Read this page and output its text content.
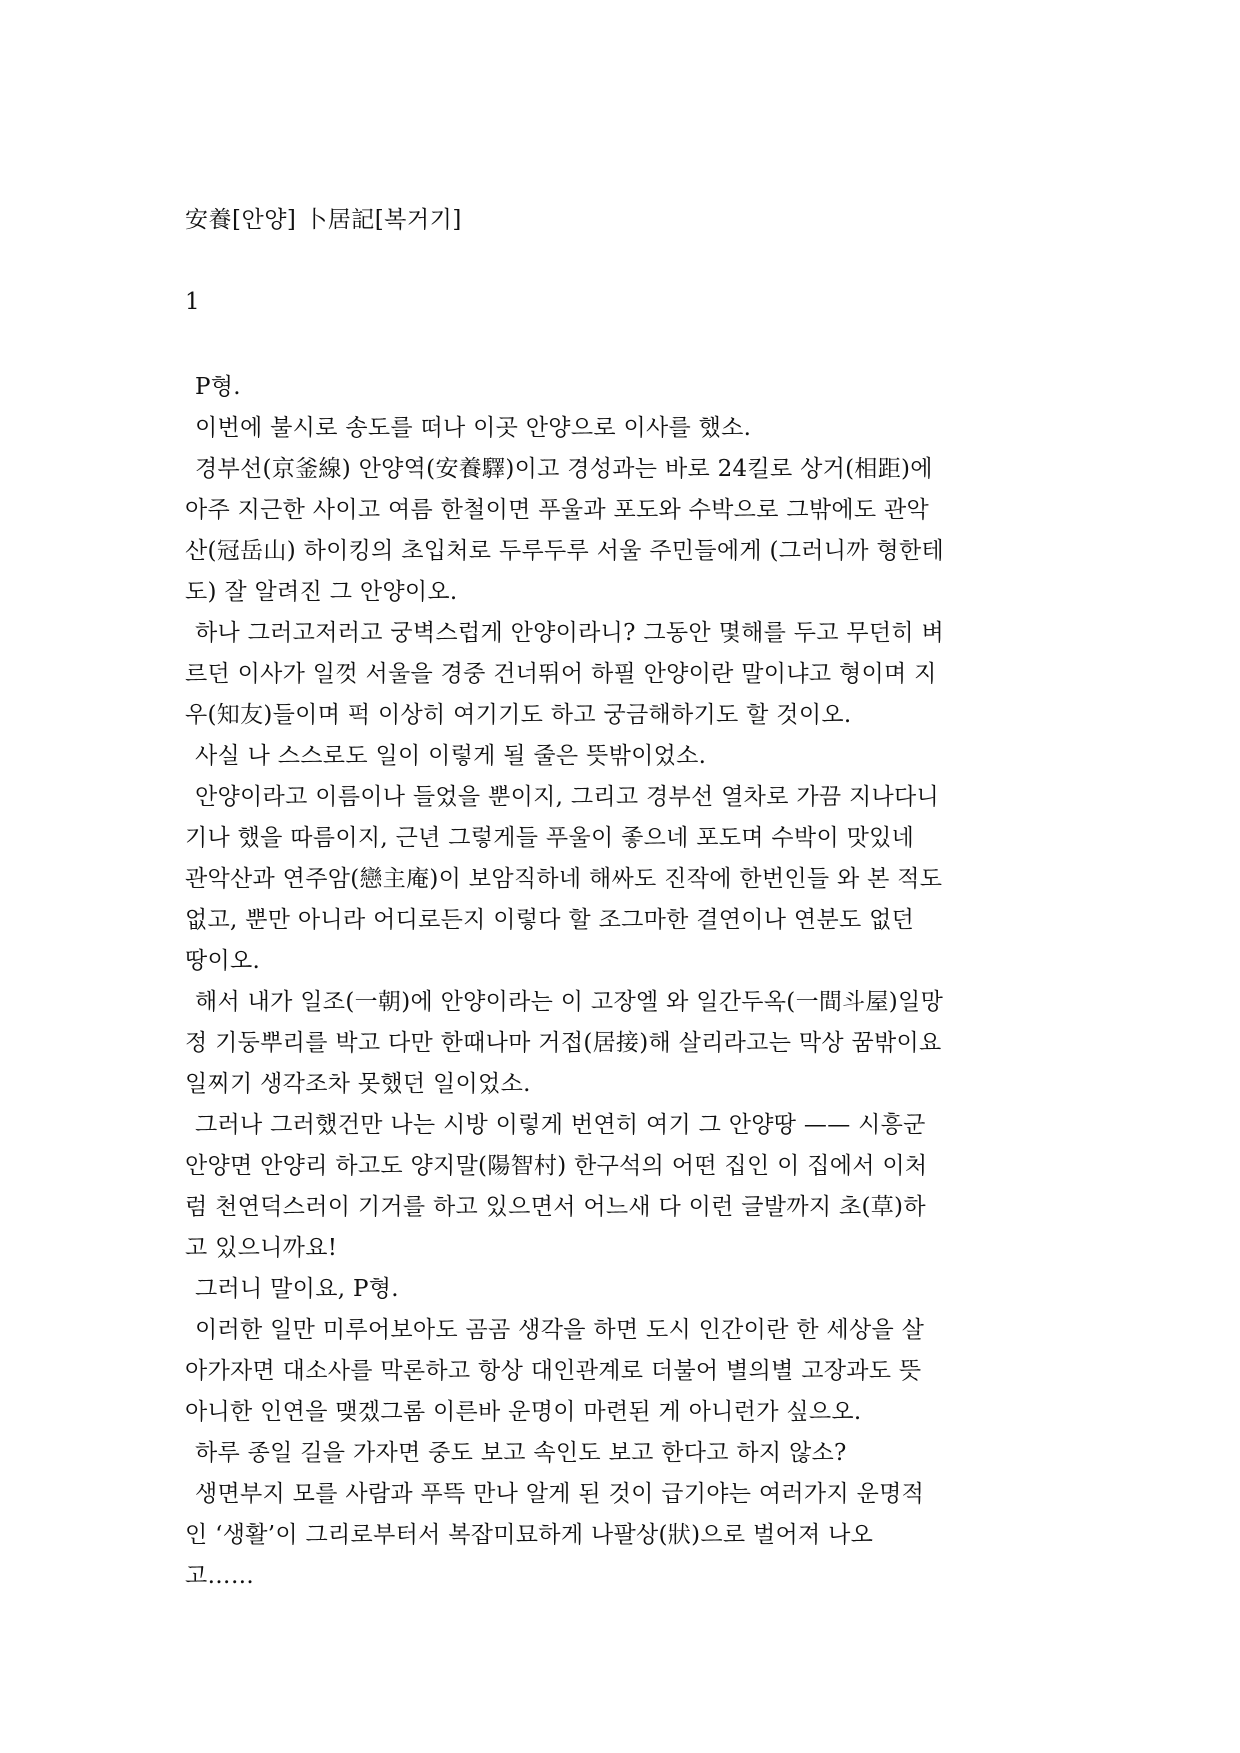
安養[안양] 卜居記[복거기]
1
P형.
이번에 불시로 송도를 떠나 이곳 안양으로 이사를 했소.
경부선(京釜線) 안양역(安養驛)이고 경성과는 바로 24킬로 상거(相距)에
아주 지근한 사이고 여름 한철이면 푸울과 포도와 수박으로 그밖에도 관악
산(冠岳山) 하이킹의 초입처로 두루두루 서울 주민들에게 (그러니까 형한테
도) 잘 알려진 그 안양이오.
하나 그러고저러고 궁벽스럽게 안양이라니? 그동안 몇해를 두고 무던히 벼
르던 이사가 일껏 서울을 경중 건너뛰어 하필 안양이란 말이냐고 형이며 지
우(知友)들이며 퍽 이상히 여기기도 하고 궁금해하기도 할 것이오.
사실 나 스스로도 일이 이렇게 될 줄은 뜻밖이었소.
안양이라고 이름이나 들었을 뿐이지, 그리고 경부선 열차로 가끔 지나다니
기나 했을 따름이지, 근년 그렇게들 푸울이 좋으네 포도며 수박이 맛있네
관악산과 연주암(戀主庵)이 보암직하네 해싸도 진작에 한번인들 와 본 적도
없고, 뿐만 아니라 어디로든지 이렇다 할 조그마한 결연이나 연분도 없던
땅이오.
해서 내가 일조(一朝)에 안양이라는 이 고장엘 와 일간두옥(一間斗屋)일망
정 기둥뿌리를 박고 다만 한때나마 거접(居接)해 살리라고는 막상 꿈밖이요
일찌기 생각조차 못했던 일이었소.
그러나 그러했건만 나는 시방 이렇게 번연히 여기 그 안양땅 —— 시흥군
안양면 안양리 하고도 양지말(陽智村) 한구석의 어떤 집인 이 집에서 이처
럼 천연덕스러이 기거를 하고 있으면서 어느새 다 이런 글발까지 초(草)하
고 있으니까요!
그러니 말이요, P형.
이러한 일만 미루어보아도 곰곰 생각을 하면 도시 인간이란 한 세상을 살
아가자면 대소사를 막론하고 항상 대인관계로 더불어 별의별 고장과도 뜻
아니한 인연을 맺겠그롬 이른바 운명이 마련된 게 아니런가 싶으오.
하루 종일 길을 가자면 중도 보고 속인도 보고 한다고 하지 않소?
생면부지 모를 사람과 푸뜩 만나 알게 된 것이 급기야는 여러가지 운명적
인 ‘생활’이 그리로부터서 복잡미묘하게 나팔상(狀)으로 벌어져 나오
고……
